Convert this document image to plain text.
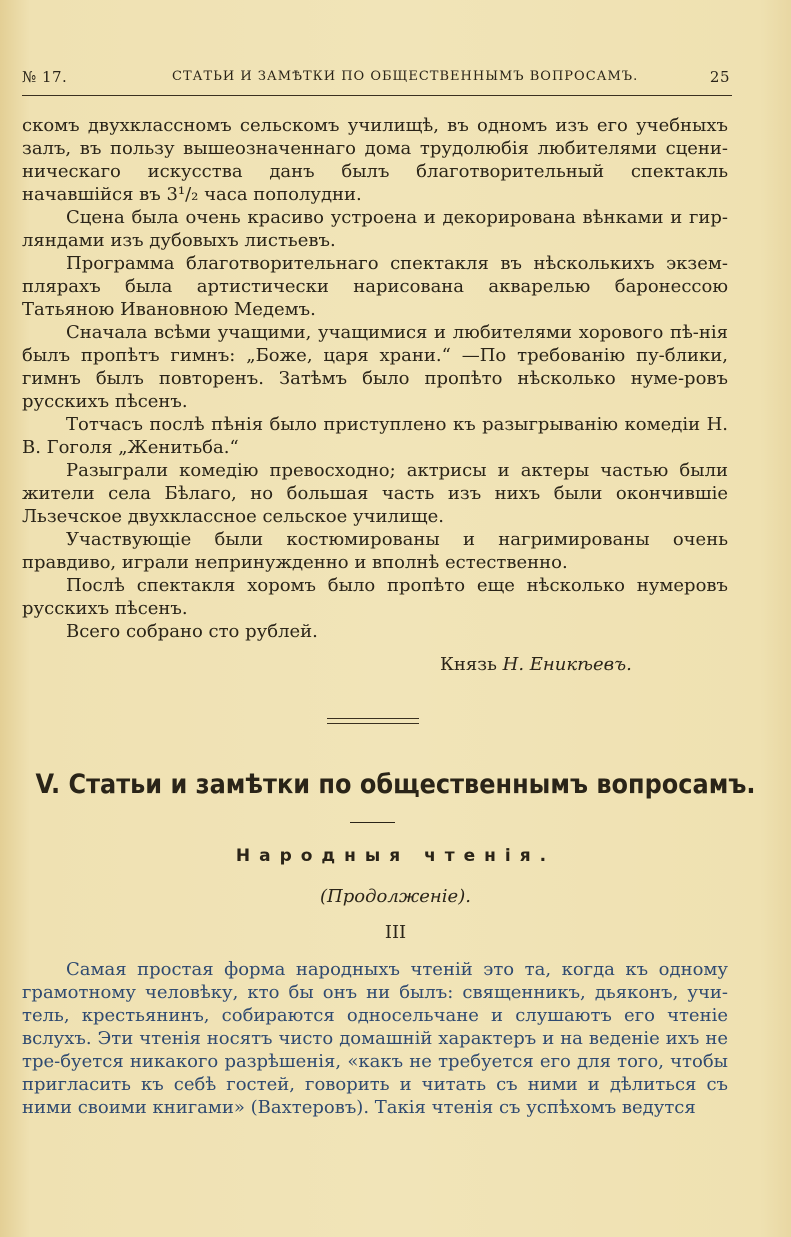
№ 17.	СТАТЬИ И ЗАМѢТКИ ПО ОБЩЕСТВЕННЫМЪ ВОПРОСАМЪ.	25

скомъ двухклассномъ сельскомъ училищѣ, въ одномъ изъ его учебныхъ залъ, въ пользу вышеозначеннаго дома трудолюбія любителями сцени-ническаго искусства данъ былъ благотворительный спектакль начавшійся въ 3¹/₂ часа пополудни.

Сцена была очень красиво устроена и декорирована вѣнками и гир-ляндами изъ дубовыхъ листьевъ.

Программа благотворительнаго спектакля въ нѣсколькихъ экзем-плярахъ была артистически нарисована акварелью баронессою Татьяною Ивановною Медемъ.

Сначала всѣми учащими, учащимися и любителями хорового пѣ-нія былъ пропѣтъ гимнъ: „Боже, царя храни.“ —По требованію пу-блики, гимнъ былъ повторенъ. Затѣмъ было пропѣто нѣсколько нуме-ровъ русскихъ пѣсенъ.

Тотчасъ послѣ пѣнія было приступлено къ разыгрыванію комедіи Н. В. Гоголя „Женитьба.“

Разыграли комедію превосходно; актрисы и актеры частью были жители села Бѣлаго, но большая часть изъ нихъ были окончившіе Льзечское двухклассное сельское училище.

Участвующіе были костюмированы и нагримированы очень правдиво, играли непринужденно и вполнѣ естественно.

Послѣ спектакля хоромъ было пропѣто еще нѣсколько нумеровъ русскихъ пѣсенъ.

Всего собрано сто рублей.

Князь Н. Еникѣевъ.
V. Статьи и замѣтки по общественнымъ вопросамъ.
Народныя чтенія.
(Продолженіе).
III

Самая простая форма народныхъ чтеній это та, когда къ одному грамотному человѣку, кто бы онъ ни былъ: священникъ, дьяконъ, учи-тель, крестьянинъ, собираются односельчане и слушаютъ его чтеніе вслухъ. Эти чтенія носятъ чисто домашній характеръ и на веденіе ихъ не тре-буется никакого разрѣшенія, «какъ не требуется его для того, чтобы пригласить къ себѣ гостей, говорить и читать съ ними и дѣлиться съ ними своими книгами» (Вахтеровъ). Такія чтенія съ успѣхомъ ведутся
